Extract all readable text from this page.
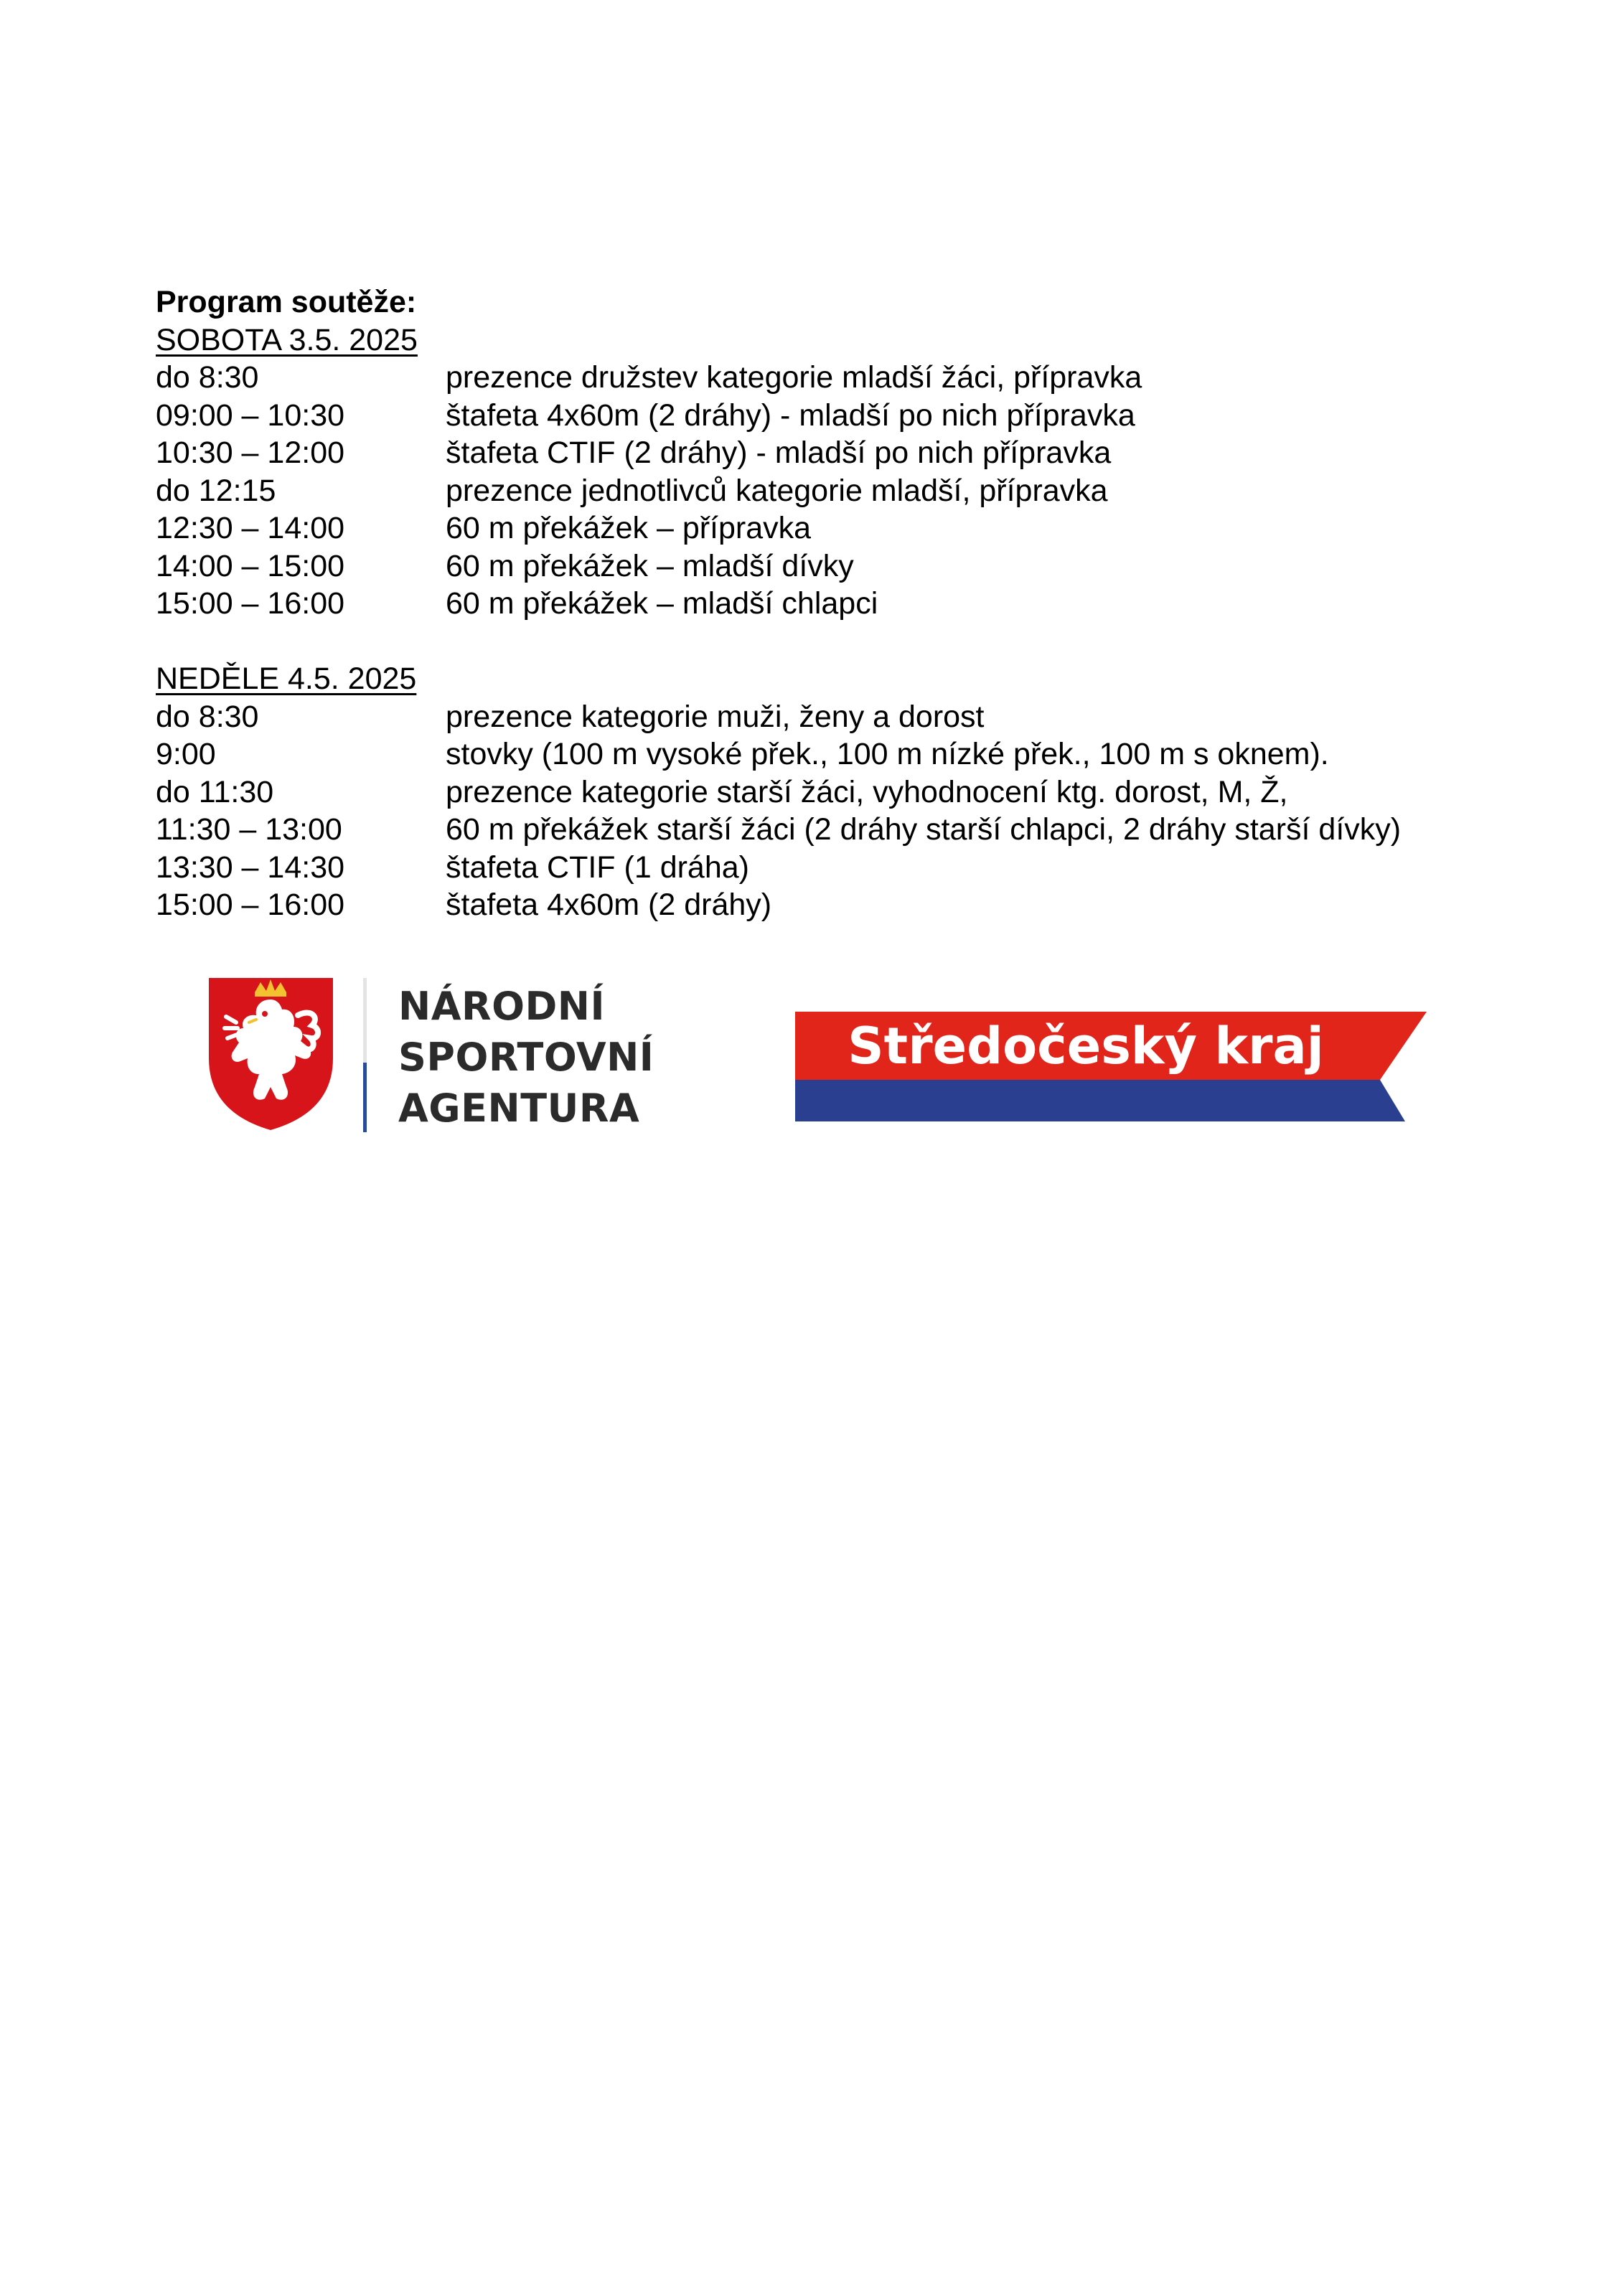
Program soutěže:
SOBOTA 3.5. 2025
do 8:30	prezence družstev kategorie mladší žáci, přípravka
09:00 – 10:30	štafeta 4x60m (2 dráhy) - mladší po nich přípravka
10:30 – 12:00	štafeta CTIF (2 dráhy) - mladší po nich přípravka
do 12:15	prezence jednotlivců kategorie mladší, přípravka
12:30 – 14:00	60 m překážek – přípravka
14:00 – 15:00	60 m překážek – mladší dívky
15:00 – 16:00	60 m překážek – mladší chlapci
NEDĚLE 4.5. 2025
do 8:30	prezence kategorie muži, ženy a dorost
9:00	stovky (100 m vysoké přek., 100 m nízké přek., 100 m s oknem).
do 11:30	prezence kategorie starší žáci, vyhodnocení ktg. dorost, M, Ž,
11:30 – 13:00	60 m překážek starší žáci (2 dráhy starší chlapci, 2 dráhy starší dívky)
13:30 – 14:30	štafeta CTIF (1 dráha)
15:00 – 16:00	štafeta 4x60m (2 dráhy)
NÁRODNÍ
SPORTOVNÍ
AGENTURA
Středočeský kraj
